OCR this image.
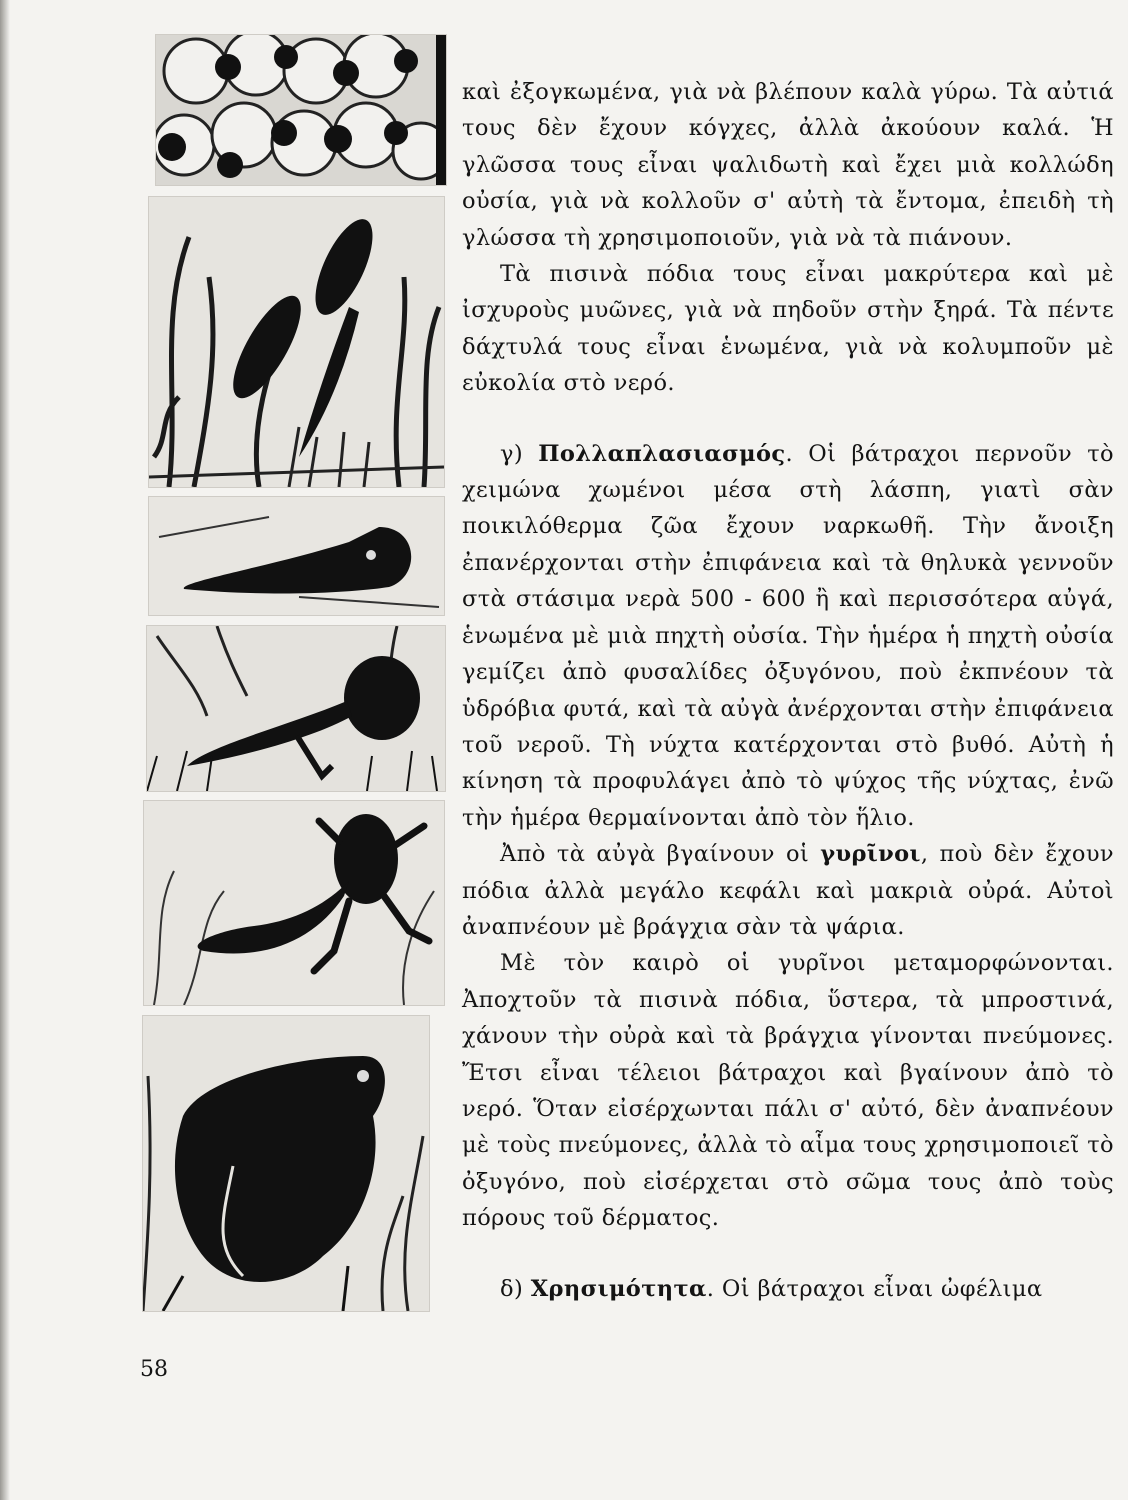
καὶ ἐξογκωμένα, γιὰ νὰ βλέπουν καλὰ γύρω. Τὰ αὐτιά τους δὲν ἔχουν κόγχες, ἀλλὰ ἀκούουν καλά. Ἡ γλῶσσα τους εἶναι ψαλιδωτὴ καὶ ἔχει μιὰ κολλώδη οὐσία, γιὰ νὰ κολλοῦν σ' αὐτὴ τὰ ἔντομα, ἐπειδὴ τὴ γλώσσα τὴ χρησιμοποιοῦν, γιὰ νὰ τὰ πιάνουν.

Τὰ πισινὰ πόδια τους εἶναι μακρύτερα καὶ μὲ ἰσχυροὺς μυῶνες, γιὰ νὰ πηδοῦν στὴν ξηρά. Τὰ πέντε δάχτυλά τους εἶναι ἑνωμένα, γιὰ νὰ κολυμποῦν μὲ εὐκολία στὸ νερό.

γ) Πολλαπλασιασμός. Οἱ βάτραχοι περνοῦν τὸ χειμώνα χωμένοι μέσα στὴ λάσπη, γιατὶ σὰν ποικιλόθερμα ζῶα ἔχουν ναρκωθῆ. Τὴν ἄνοιξη ἐπανέρχονται στὴν ἐπιφάνεια καὶ τὰ θηλυκὰ γεννοῦν στὰ στάσιμα νερὰ 500 - 600 ἢ καὶ περισσότερα αὐγά, ἑνωμένα μὲ μιὰ πηχτὴ οὐσία. Τὴν ἡμέρα ἡ πηχτὴ οὐσία γεμίζει ἀπὸ φυσαλίδες ὀξυγόνου, ποὺ ἐκπνέουν τὰ ὑδρόβια φυτά, καὶ τὰ αὐγὰ ἀνέρχονται στὴν ἐπιφάνεια τοῦ νεροῦ. Τὴ νύχτα κατέρχονται στὸ βυθό. Αὐτὴ ἡ κίνηση τὰ προφυλάγει ἀπὸ τὸ ψύχος τῆς νύχτας, ἐνῶ τὴν ἡμέρα θερμαίνονται ἀπὸ τὸν ἥλιο.

Ἀπὸ τὰ αὐγὰ βγαίνουν οἱ γυρῖνοι, ποὺ δὲν ἔχουν πόδια ἀλλὰ μεγάλο κεφάλι καὶ μακριὰ οὐρά. Αὐτοὶ ἀναπνέουν μὲ βράγχια σὰν τὰ ψάρια.

Μὲ τὸν καιρὸ οἱ γυρῖνοι μεταμορφώνονται. Ἀποχτοῦν τὰ πισινὰ πόδια, ὕστερα, τὰ μπροστινά, χάνουν τὴν οὐρὰ καὶ τὰ βράγχια γίνονται πνεύμονες. Ἔτσι εἶναι τέλειοι βάτραχοι καὶ βγαίνουν ἀπὸ τὸ νερό. Ὅταν εἰσέρχωνται πάλι σ' αὐτό, δὲν ἀναπνέουν μὲ τοὺς πνεύμονες, ἀλλὰ τὸ αἷμα τους χρησιμοποιεῖ τὸ ὀξυγόνο, ποὺ εἰσέρχεται στὸ σῶμα τους ἀπὸ τοὺς πόρους τοῦ δέρματος.

δ) Χρησιμότητα. Οἱ βάτραχοι εἶναι ὠφέλιμα

58
